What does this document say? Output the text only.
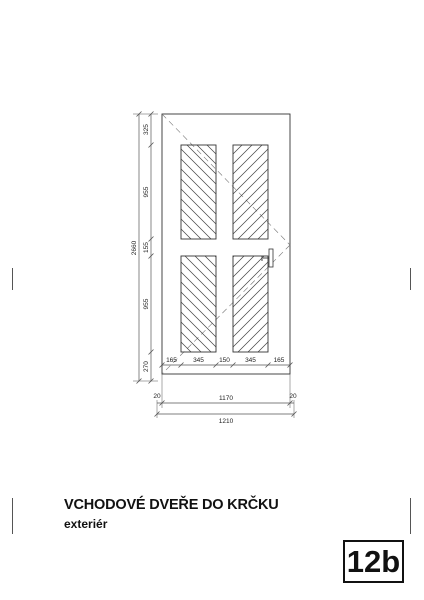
2660
325
955
155
955
270
165 345 150 345	165
1170
20	20
1210
VCHODOVÉ DVEŘE DO KRČKU
exteriér
12b
